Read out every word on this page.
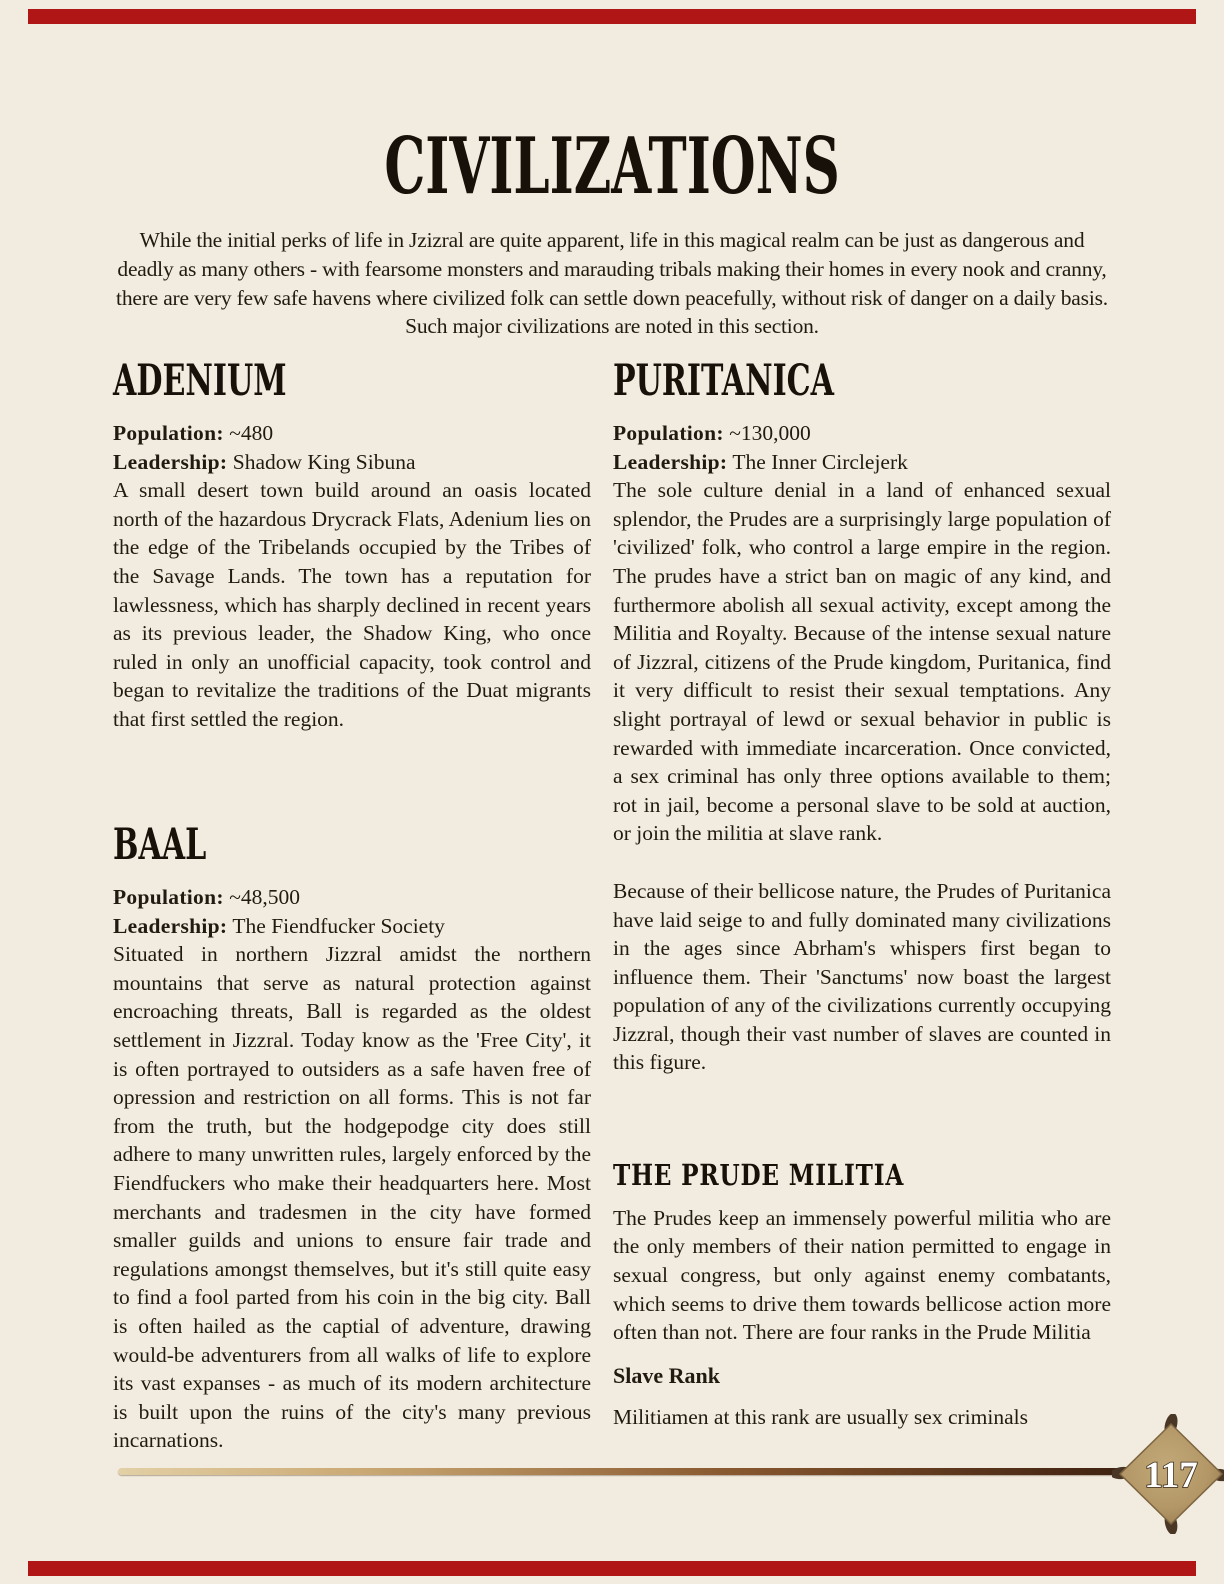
CIVILIZATIONS

While the initial perks of life in Jzizral are quite apparent, life in this magical realm can be just as dangerous and deadly as many others - with fearsome monsters and marauding tribals making their homes in every nook and cranny, there are very few safe havens where civilized folk can settle down peacefully, without risk of danger on a daily basis. Such major civilizations are noted in this section.

ADENIUM

Population: ~480

Leadership: Shadow King Sibuna

A small desert town build around an oasis located north of the hazardous Drycrack Flats, Adenium lies on the edge of the Tribelands occupied by the Tribes of the Savage Lands. The town has a reputation for lawlessness, which has sharply declined in recent years as its previous leader, the Shadow King, who once ruled in only an unofficial capacity, took control and began to revitalize the traditions of the Duat migrants that first settled the region.

BAAL

Population: ~48,500

Leadership: The Fiendfucker Society

Situated in northern Jizzral amidst the northern mountains that serve as natural protection against encroaching threats, Ball is regarded as the oldest settlement in Jizzral. Today know as the 'Free City', it is often portrayed to outsiders as a safe haven free of opression and restriction on all forms. This is not far from the truth, but the hodgepodge city does still adhere to many unwritten rules, largely enforced by the Fiendfuckers who make their headquarters here. Most merchants and tradesmen in the city have formed smaller guilds and unions to ensure fair trade and regulations amongst themselves, but it's still quite easy to find a fool parted from his coin in the big city. Ball is often hailed as the captial of adventure, drawing would-be adventurers from all walks of life to explore its vast expanses - as much of its modern architecture is built upon the ruins of the city's many previous incarnations.

PURITANICA

Population: ~130,000

Leadership: The Inner Circlejerk

The sole culture denial in a land of enhanced sexual splendor, the Prudes are a surprisingly large population of 'civilized' folk, who control a large empire in the region. The prudes have a strict ban on magic of any kind, and furthermore abolish all sexual activity, except among the Militia and Royalty. Because of the intense sexual nature of Jizzral, citizens of the Prude kingdom, Puritanica, find it very difficult to resist their sexual temptations. Any slight portrayal of lewd or sexual behavior in public is rewarded with immediate incarceration. Once convicted, a sex criminal has only three options available to them; rot in jail, become a personal slave to be sold at auction, or join the militia at slave rank.

Because of their bellicose nature, the Prudes of Puritanica have laid seige to and fully dominated many civilizations in the ages since Abrham's whispers first began to influence them. Their 'Sanctums' now boast the largest population of any of the civilizations currently occupying Jizzral, though their vast number of slaves are counted in this figure.

THE PRUDE MILITIA

The Prudes keep an immensely powerful militia who are the only members of their nation permitted to engage in sexual congress, but only against enemy combatants, which seems to drive them towards bellicose action more often than not. There are four ranks in the Prude Militia

Slave Rank

Militiamen at this rank are usually sex criminals

117
